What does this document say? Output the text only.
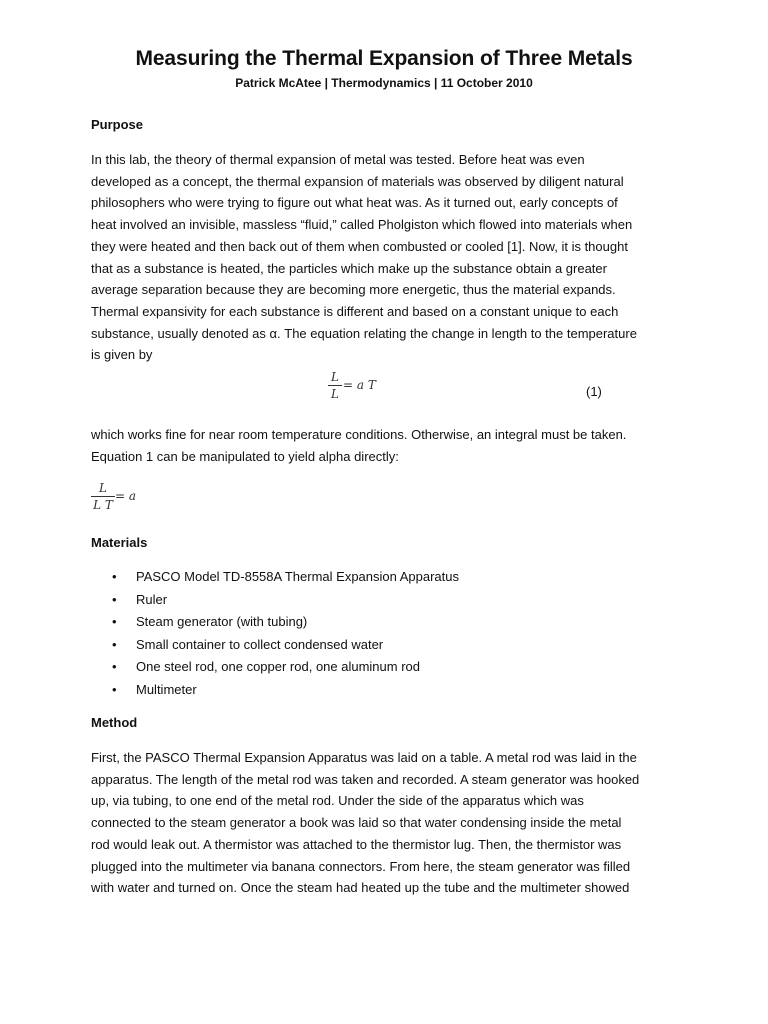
Measuring the Thermal Expansion of Three Metals
Patrick McAtee | Thermodynamics | 11 October 2010
Purpose
In this lab, the theory of thermal expansion of metal was tested. Before heat was even
developed as a concept, the thermal expansion of materials was observed by diligent natural
philosophers who were trying to figure out what heat was. As it turned out, early concepts of
heat involved an invisible, massless “fluid,” called Pholgiston which flowed into materials when
they were heated and then back out of them when combusted or cooled [1]. Now, it is thought
that as a substance is heated, the particles which make up the substance obtain a greater
average separation because they are becoming more energetic, thus the material expands.
Thermal expansivity for each substance is different and based on a constant unique to each
substance, usually denoted as α. The equation relating the change in length to the temperature
is given by
$\frac{L}{L} = a$ T	(1)
which works fine for near room temperature conditions. Otherwise, an integral must be taken.
Equation 1 can be manipulated to yield alpha directly:
$\frac{L}{\text{L T}} = a$
Materials
• PASCO Model TD-8558A Thermal Expansion Apparatus
• Ruler
• Steam generator (with tubing)
• Small container to collect condensed water
• One steel rod, one copper rod, one aluminum rod
• Multimeter
Method
First, the PASCO Thermal Expansion Apparatus was laid on a table. A metal rod was laid in the
apparatus. The length of the metal rod was taken and recorded. A steam generator was hooked
up, via tubing, to one end of the metal rod. Under the side of the apparatus which was
connected to the steam generator a book was laid so that water condensing inside the metal
rod would leak out. A thermistor was attached to the thermistor lug. Then, the thermistor was
plugged into the multimeter via banana connectors. From here, the steam generator was filled
with water and turned on. Once the steam had heated up the tube and the multimeter showed
